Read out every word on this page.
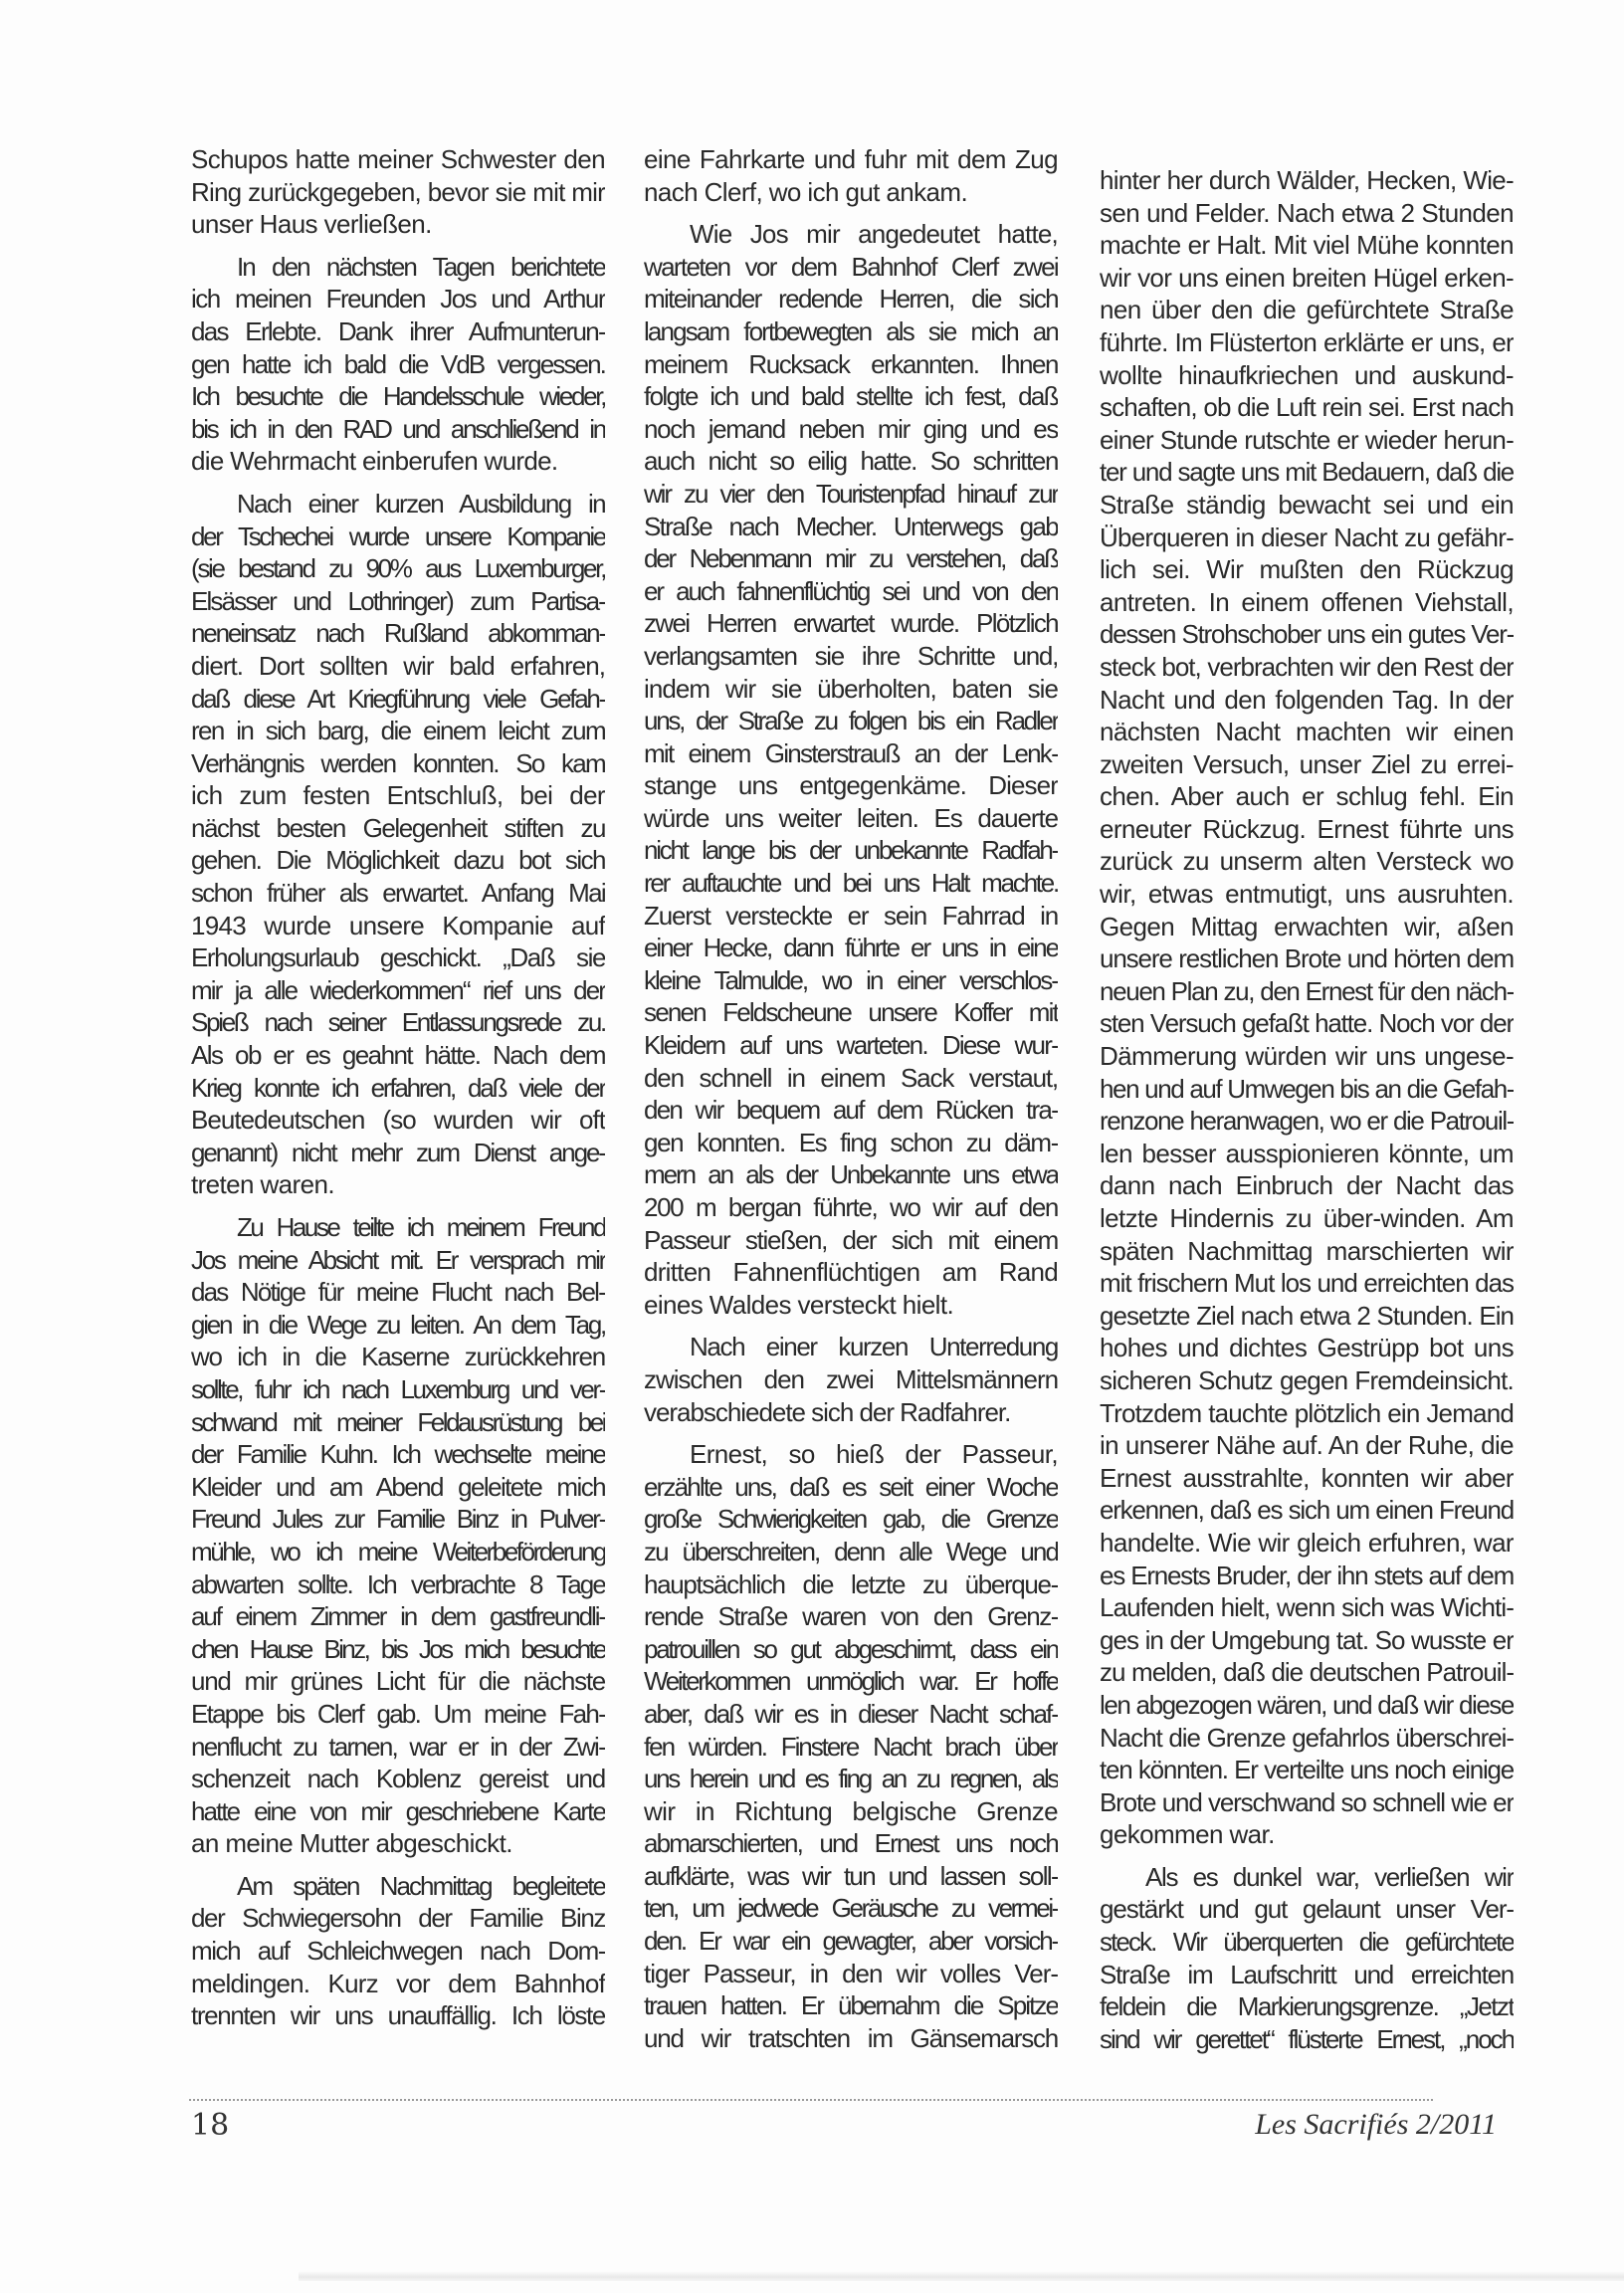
Schupos hatte meiner Schwester den
Ring zurückgegeben, bevor sie mit mir
unser Haus verließen.

In den nächsten Tagen berichtete
ich meinen Freunden Jos und Arthur
das Erlebte. Dank ihrer Aufmunterun-
gen hatte ich bald die VdB vergessen.
Ich besuchte die Handelsschule wieder,
bis ich in den RAD und anschließend in
die Wehrmacht einberufen wurde.

Nach einer kurzen Ausbildung in
der Tschechei wurde unsere Kompanie
(sie bestand zu 90% aus Luxemburger,
Elsässer und Lothringer) zum Partisa-
neneinsatz nach Rußland abkomman-
diert. Dort sollten wir bald erfahren,
daß diese Art Kriegführung viele Gefah-
ren in sich barg, die einem leicht zum
Verhängnis werden konnten. So kam
ich zum festen Entschluß, bei der
nächst besten Gelegenheit stiften zu
gehen. Die Möglichkeit dazu bot sich
schon früher als erwartet. Anfang Mai
1943 wurde unsere Kompanie auf
Erholungsurlaub geschickt. „Daß sie
mir ja alle wiederkommen“ rief uns der
Spieß nach seiner Entlassungsrede zu.
Als ob er es geahnt hätte. Nach dem
Krieg konnte ich erfahren, daß viele der
Beutedeutschen (so wurden wir oft
genannt) nicht mehr zum Dienst ange-
treten waren.

Zu Hause teilte ich meinem Freund
Jos meine Absicht mit. Er versprach mir
das Nötige für meine Flucht nach Bel-
gien in die Wege zu leiten. An dem Tag,
wo ich in die Kaserne zurückkehren
sollte, fuhr ich nach Luxemburg und ver-
schwand mit meiner Feldausrüstung bei
der Familie Kuhn. Ich wechselte meine
Kleider und am Abend geleitete mich
Freund Jules zur Familie Binz in Pulver-
mühle, wo ich meine Weiterbeförderung
abwarten sollte. Ich verbrachte 8 Tage
auf einem Zimmer in dem gastfreundli-
chen Hause Binz, bis Jos mich besuchte
und mir grünes Licht für die nächste
Etappe bis Clerf gab. Um meine Fah-
nenflucht zu tarnen, war er in der Zwi-
schenzeit nach Koblenz gereist und
hatte eine von mir geschriebene Karte
an meine Mutter abgeschickt.

Am späten Nachmittag begleitete
der Schwiegersohn der Familie Binz
mich auf Schleichwegen nach Dom-
meldingen. Kurz vor dem Bahnhof
trennten wir uns unauffällig. Ich löste

eine Fahrkarte und fuhr mit dem Zug
nach Clerf, wo ich gut ankam.

Wie Jos mir angedeutet hatte,
warteten vor dem Bahnhof Clerf zwei
miteinander redende Herren, die sich
langsam fortbewegten als sie mich an
meinem Rucksack erkannten. Ihnen
folgte ich und bald stellte ich fest, daß
noch jemand neben mir ging und es
auch nicht so eilig hatte. So schritten
wir zu vier den Touristenpfad hinauf zur
Straße nach Mecher. Unterwegs gab
der Nebenmann mir zu verstehen, daß
er auch fahnenflüchtig sei und von den
zwei Herren erwartet wurde. Plötzlich
verlangsamten sie ihre Schritte und,
indem wir sie überholten, baten sie
uns, der Straße zu folgen bis ein Radler
mit einem Ginsterstrauß an der Lenk-
stange uns entgegenkäme. Dieser
würde uns weiter leiten. Es dauerte
nicht lange bis der unbekannte Radfah-
rer auftauchte und bei uns Halt machte.
Zuerst versteckte er sein Fahrrad in
einer Hecke, dann führte er uns in eine
kleine Talmulde, wo in einer verschlos-
senen Feldscheune unsere Koffer mit
Kleidern auf uns warteten. Diese wur-
den schnell in einem Sack verstaut,
den wir bequem auf dem Rücken tra-
gen konnten. Es fing schon zu däm-
mern an als der Unbekannte uns etwa
200 m bergan führte, wo wir auf den
Passeur stießen, der sich mit einem
dritten Fahnenflüchtigen am Rand
eines Waldes versteckt hielt.

Nach einer kurzen Unterredung
zwischen den zwei Mittelsmännern
verabschiedete sich der Radfahrer.

Ernest, so hieß der Passeur,
erzählte uns, daß es seit einer Woche
große Schwierigkeiten gab, die Grenze
zu überschreiten, denn alle Wege und
hauptsächlich die letzte zu überque-
rende Straße waren von den Grenz-
patrouillen so gut abgeschirmt, dass ein
Weiterkommen unmöglich war. Er hoffe
aber, daß wir es in dieser Nacht schaf-
fen würden. Finstere Nacht brach über
uns herein und es fing an zu regnen, als
wir in Richtung belgische Grenze
abmarschierten, und Ernest uns noch
aufklärte, was wir tun und lassen soll-
ten, um jedwede Geräusche zu vermei-
den. Er war ein gewagter, aber vorsich-
tiger Passeur, in den wir volles Ver-
trauen hatten. Er übernahm die Spitze
und wir tratschten im Gänsemarsch

hinter her durch Wälder, Hecken, Wie-
sen und Felder. Nach etwa 2 Stunden
machte er Halt. Mit viel Mühe konnten
wir vor uns einen breiten Hügel erken-
nen über den die gefürchtete Straße
führte. Im Flüsterton erklärte er uns, er
wollte hinaufkriechen und auskund-
schaften, ob die Luft rein sei. Erst nach
einer Stunde rutschte er wieder herun-
ter und sagte uns mit Bedauern, daß die
Straße ständig bewacht sei und ein
Überqueren in dieser Nacht zu gefähr-
lich sei. Wir mußten den Rückzug
antreten. In einem offenen Viehstall,
dessen Strohschober uns ein gutes Ver-
steck bot, verbrachten wir den Rest der
Nacht und den folgenden Tag. In der
nächsten Nacht machten wir einen
zweiten Versuch, unser Ziel zu errei-
chen. Aber auch er schlug fehl. Ein
erneuter Rückzug. Ernest führte uns
zurück zu unserm alten Versteck wo
wir, etwas entmutigt, uns ausruhten.
Gegen Mittag erwachten wir, aßen
unsere restlichen Brote und hörten dem
neuen Plan zu, den Ernest für den näch-
sten Versuch gefaßt hatte. Noch vor der
Dämmerung würden wir uns ungese-
hen und auf Umwegen bis an die Gefah-
renzone heranwagen, wo er die Patrouil-
len besser ausspionieren könnte, um
dann nach Einbruch der Nacht das
letzte Hindernis zu über-winden. Am
späten Nachmittag marschierten wir
mit frischern Mut los und erreichten das
gesetzte Ziel nach etwa 2 Stunden. Ein
hohes und dichtes Gestrüpp bot uns
sicheren Schutz gegen Fremdeinsicht.
Trotzdem tauchte plötzlich ein Jemand
in unserer Nähe auf. An der Ruhe, die
Ernest ausstrahlte, konnten wir aber
erkennen, daß es sich um einen Freund
handelte. Wie wir gleich erfuhren, war
es Ernests Bruder, der ihn stets auf dem
Laufenden hielt, wenn sich was Wichti-
ges in der Umgebung tat. So wusste er
zu melden, daß die deutschen Patrouil-
len abgezogen wären, und daß wir diese
Nacht die Grenze gefahrlos überschrei-
ten könnten. Er verteilte uns noch einige
Brote und verschwand so schnell wie er
gekommen war.

Als es dunkel war, verließen wir
gestärkt und gut gelaunt unser Ver-
steck. Wir überquerten die gefürchtete
Straße im Laufschritt und erreichten
feldein die Markierungsgrenze. „Jetzt
sind wir gerettet“ flüsterte Ernest, „noch

18	Les Sacrifiés 2/2011
